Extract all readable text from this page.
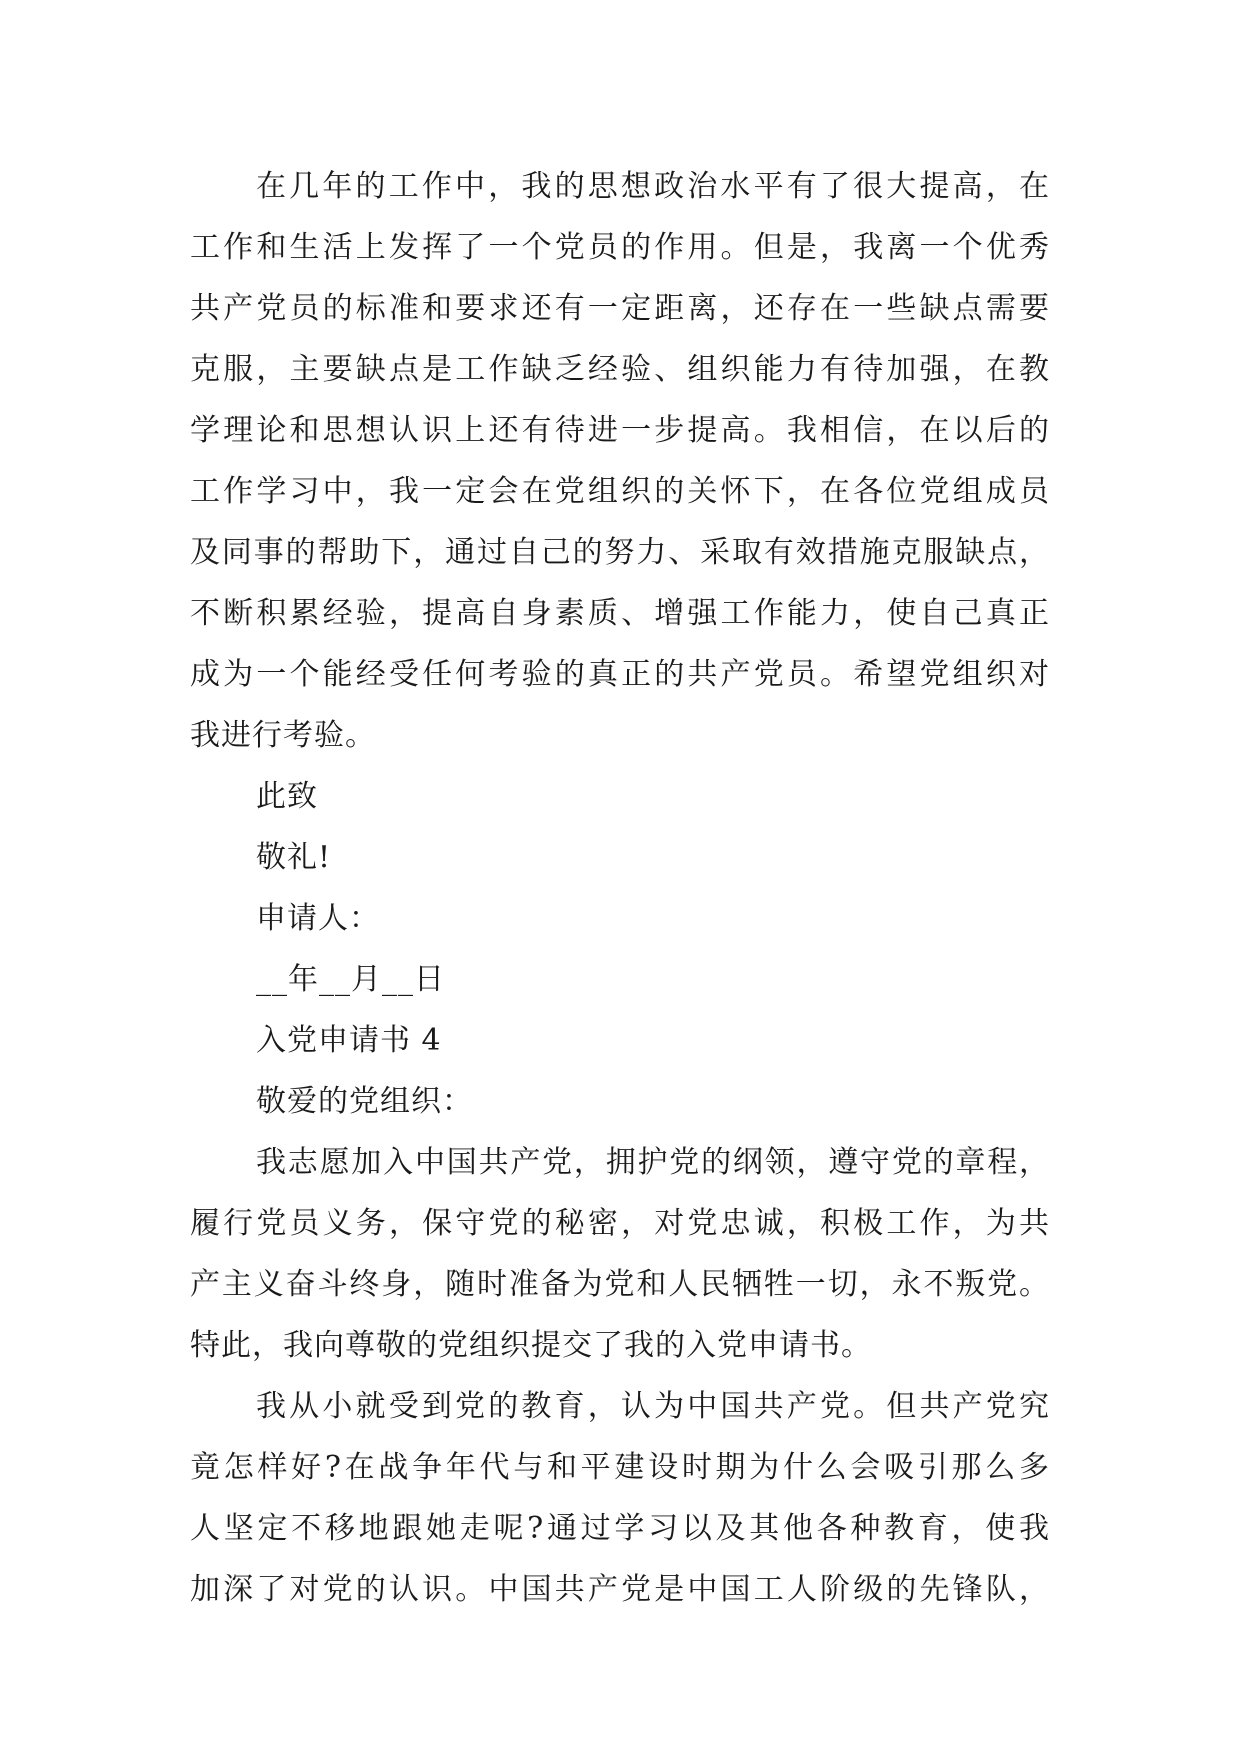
在几年的工作中，我的思想政治水平有了很大提高，在
工作和生活上发挥了一个党员的作用。但是，我离一个优秀
共产党员的标准和要求还有一定距离，还存在一些缺点需要
克服，主要缺点是工作缺乏经验、组织能力有待加强，在教
学理论和思想认识上还有待进一步提高。我相信，在以后的
工作学习中，我一定会在党组织的关怀下，在各位党组成员
及同事的帮助下，通过自己的努力、采取有效措施克服缺点，
不断积累经验，提高自身素质、增强工作能力，使自己真正
成为一个能经受任何考验的真正的共产党员。希望党组织对
我进行考验。
此致
敬礼!
申请人：
__年__月__日
入党申请书 4
敬爱的党组织：
我志愿加入中国共产党，拥护党的纲领，遵守党的章程，
履行党员义务，保守党的秘密，对党忠诚，积极工作，为共
产主义奋斗终身，随时准备为党和人民牺牲一切，永不叛党。
特此，我向尊敬的党组织提交了我的入党申请书。
我从小就受到党的教育，认为中国共产党。但共产党究
竟怎样好?在战争年代与和平建设时期为什么会吸引那么多
人坚定不移地跟她走呢?通过学习以及其他各种教育，使我
加深了对党的认识。中国共产党是中国工人阶级的先锋队，
